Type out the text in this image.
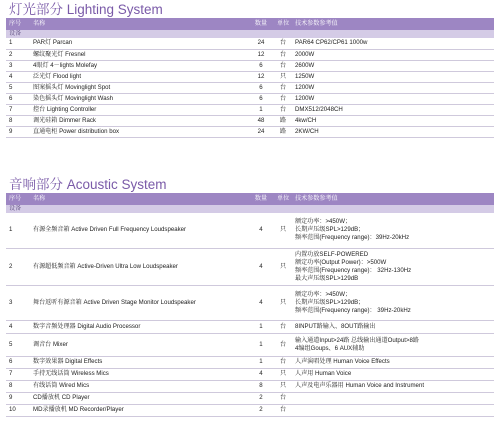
灯光部分 Lighting System
序号	名称	数量	单位	技术参数参考值
设备				
1	PAR灯 Parcan	24	台	PAR64 CP62/CP61 1000w
2	螺纹聚光灯 Fresnel	12	台	2000W
3	4眼灯 4－lights Molefay	6	台	2600W
4	泛光灯 Flood light	12	只	1250W
5	图案摇头灯 Movinglight Spot	6	台	1200W
6	染色摇头灯 Movinglight Wash	6	台	1200W
7	控台 Lighting Controller	1	台	DMX512/2048CH
8	调光硅箱 Dimmer Rack	48	路	4kw/CH
9	直通电柜 Power distribution box	24	路	2KW/CH
音响部分 Acoustic System
序号	名称	数量	单位	技术参数参考值
设备				
1	有源全频音箱 Active Driven Full Frequency Loudspeaker	4	只	额定功率：>450W；
长期声压级SPL>129dB；
频率范围(Frequency range)：39Hz-20kHz

2	有源超低频音箱 Active-Driven Ultra Low Loudspeaker	4	只	内置功放SELF-POWERED
额定功率(Output Power)：>500W
频率范围(Frequency range)： 32Hz-130Hz
最大声压级SPL>129dB

3	舞台返听有源音箱 Active Driven Stage Monitor Loudspeaker	4	只	额定功率：>450W；
长期声压级SPL>129dB；
频率范围(Frequency range)： 39Hz-20kHz

4	数字音频处理器 Digital Audio Processor	1	台	8INPUT路输入、8OUT路输出

5	调音台 Mixer	1	台	输入通道Input>24路 总线输出通道Output>8路
4编组Goups、6 AUX辅助

6	数字效果器 Digital Effects	1	台	人声演唱处理 Human Voice Effects

7	手持无线话筒 Wireless Mics	4	只	人声用 Human Voice

8	有线话筒 Wired Mics	8	只	人声及电声乐器用 Human Voice and Instrument

9	CD播放机 CD Player	2	台	

10	MD录播放机 MD Recorder/Player	2	台	
